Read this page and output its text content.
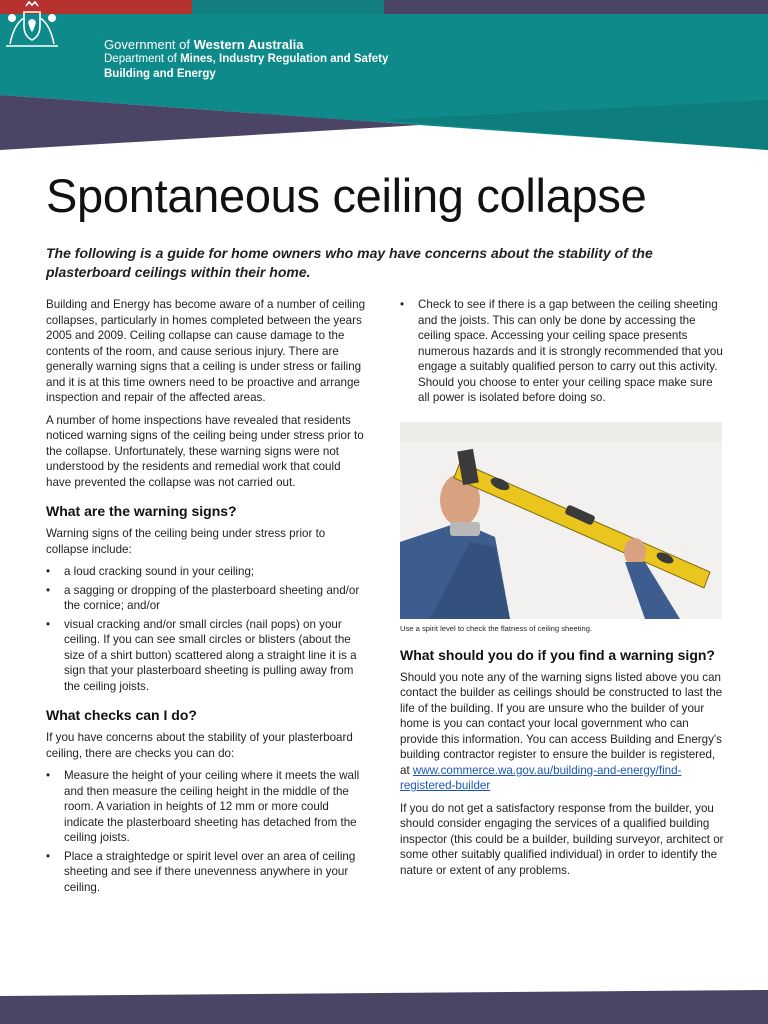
Government of Western Australia
Department of Mines, Industry Regulation and Safety
Building and Energy
Spontaneous ceiling collapse

The following is a guide for home owners who may have concerns about the stability of the plasterboard ceilings within their home.

Building and Energy has become aware of a number of ceiling collapses, particularly in homes completed between the years 2005 and 2009. Ceiling collapse can cause damage to the contents of the room, and cause serious injury. There are generally warning signs that a ceiling is under stress or failing and it is at this time owners need to be proactive and arrange inspection and repair of the affected areas.

A number of home inspections have revealed that residents noticed warning signs of the ceiling being under stress prior to the collapse. Unfortunately, these warning signs were not understood by the residents and remedial work that could have prevented the collapse was not carried out.

What are the warning signs?

Warning signs of the ceiling being under stress prior to collapse include:

• a loud cracking sound in your ceiling;
• a sagging or dropping of the plasterboard sheeting and/or the cornice; and/or
• visual cracking and/or small circles (nail pops) on your ceiling. If you can see small circles or blisters (about the size of a shirt button) scattered along a straight line it is a sign that your plasterboard sheeting is pulling away from the ceiling joists.
What checks can I do?

If you have concerns about the stability of your plasterboard ceiling, there are checks you can do:

• Measure the height of your ceiling where it meets the wall and then measure the ceiling height in the middle of the room. A variation in heights of 12 mm or more could indicate the plasterboard sheeting has detached from the ceiling joists.
• Place a straightedge or spirit level over an area of ceiling sheeting and see if there unevenness anywhere in your ceiling.
• Check to see if there is a gap between the ceiling sheeting and the joists. This can only be done by accessing the ceiling space. Accessing your ceiling space presents numerous hazards and it is strongly recommended that you engage a suitably qualified person to carry out this activity. Should you choose to enter your ceiling space make sure all power is isolated before doing so.

Use a spirit level to check the flatness of ceiling sheeting.

What should you do if you find a warning sign?

Should you note any of the warning signs listed above you can contact the builder as ceilings should be constructed to last the life of the building. If you are unsure who the builder of your home is you can contact your local government who can provide this information. You can access Building and Energy's building contractor register to ensure the builder is registered, at www.commerce.wa.gov.au/building-and-energy/find-registered-builder

If you do not get a satisfactory response from the builder, you should consider engaging the services of a qualified building inspector (this could be a builder, building surveyor, architect or some other suitably qualified individual) in order to identify the nature or extent of any problems.
